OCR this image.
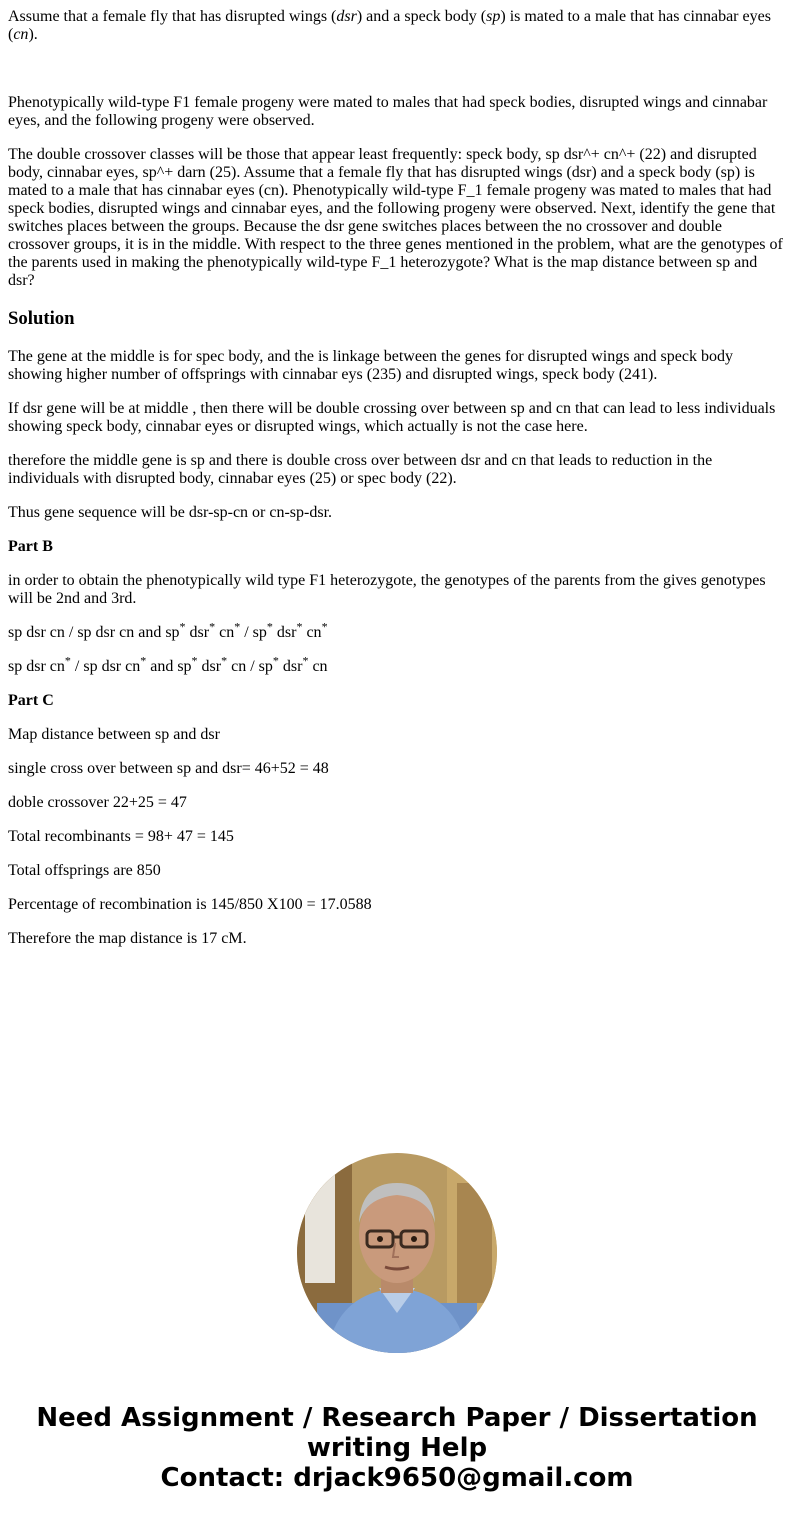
Assume that a female fly that has disrupted wings (dsr) and a speck body (sp) is mated to a male that has cinnabar eyes (cn).

Phenotypically wild-type F1 female progeny were mated to males that had speck bodies, disrupted wings and cinnabar eyes, and the following progeny were observed.

The double crossover classes will be those that appear least frequently: speck body, sp dsr^+ cn^+ (22) and disrupted body, cinnabar eyes, sp^+ darn (25). Assume that a female fly that has disrupted wings (dsr) and a speck body (sp) is mated to a male that has cinnabar eyes (cn). Phenotypically wild-type F_1 female progeny was mated to males that had speck bodies, disrupted wings and cinnabar eyes, and the following progeny were observed. Next, identify the gene that switches places between the groups. Because the dsr gene switches places between the no crossover and double crossover groups, it is in the middle. With respect to the three genes mentioned in the problem, what are the genotypes of the parents used in making the phenotypically wild-type F_1 heterozygote? What is the map distance between sp and dsr?

Solution

The gene at the middle is for spec body, and the is linkage between the genes for disrupted wings and speck body showing higher number of offsprings with cinnabar eys (235) and disrupted wings, speck body (241).

If dsr gene will be at middle , then there will be double crossing over between sp and cn that can lead to less individuals showing speck body, cinnabar eyes or disrupted wings, which actually is not the case here.

therefore the middle gene is sp and there is double cross over between dsr and cn that leads to reduction in the individuals with disrupted body, cinnabar eyes (25) or spec body (22).

Thus gene sequence will be dsr-sp-cn or cn-sp-dsr.

Part B

in order to obtain the phenotypically wild type F1 heterozygote, the genotypes of the parents from the gives genotypes will be 2nd and 3rd.

sp dsr cn / sp dsr cn and sp* dsr* cn* / sp* dsr* cn*

sp dsr cn* / sp dsr cn* and sp* dsr* cn / sp* dsr* cn

Part C

Map distance between sp and dsr

single cross over between sp and dsr= 46+52 = 48

doble crossover 22+25 = 47

Total recombinants = 98+ 47 = 145

Total offsprings are 850

Percentage of recombination is 145/850 X100 = 17.0588

Therefore the map distance is 17 cM.

Need Assignment / Research Paper / Dissertation
writing Help
Contact: drjack9650@gmail.com
